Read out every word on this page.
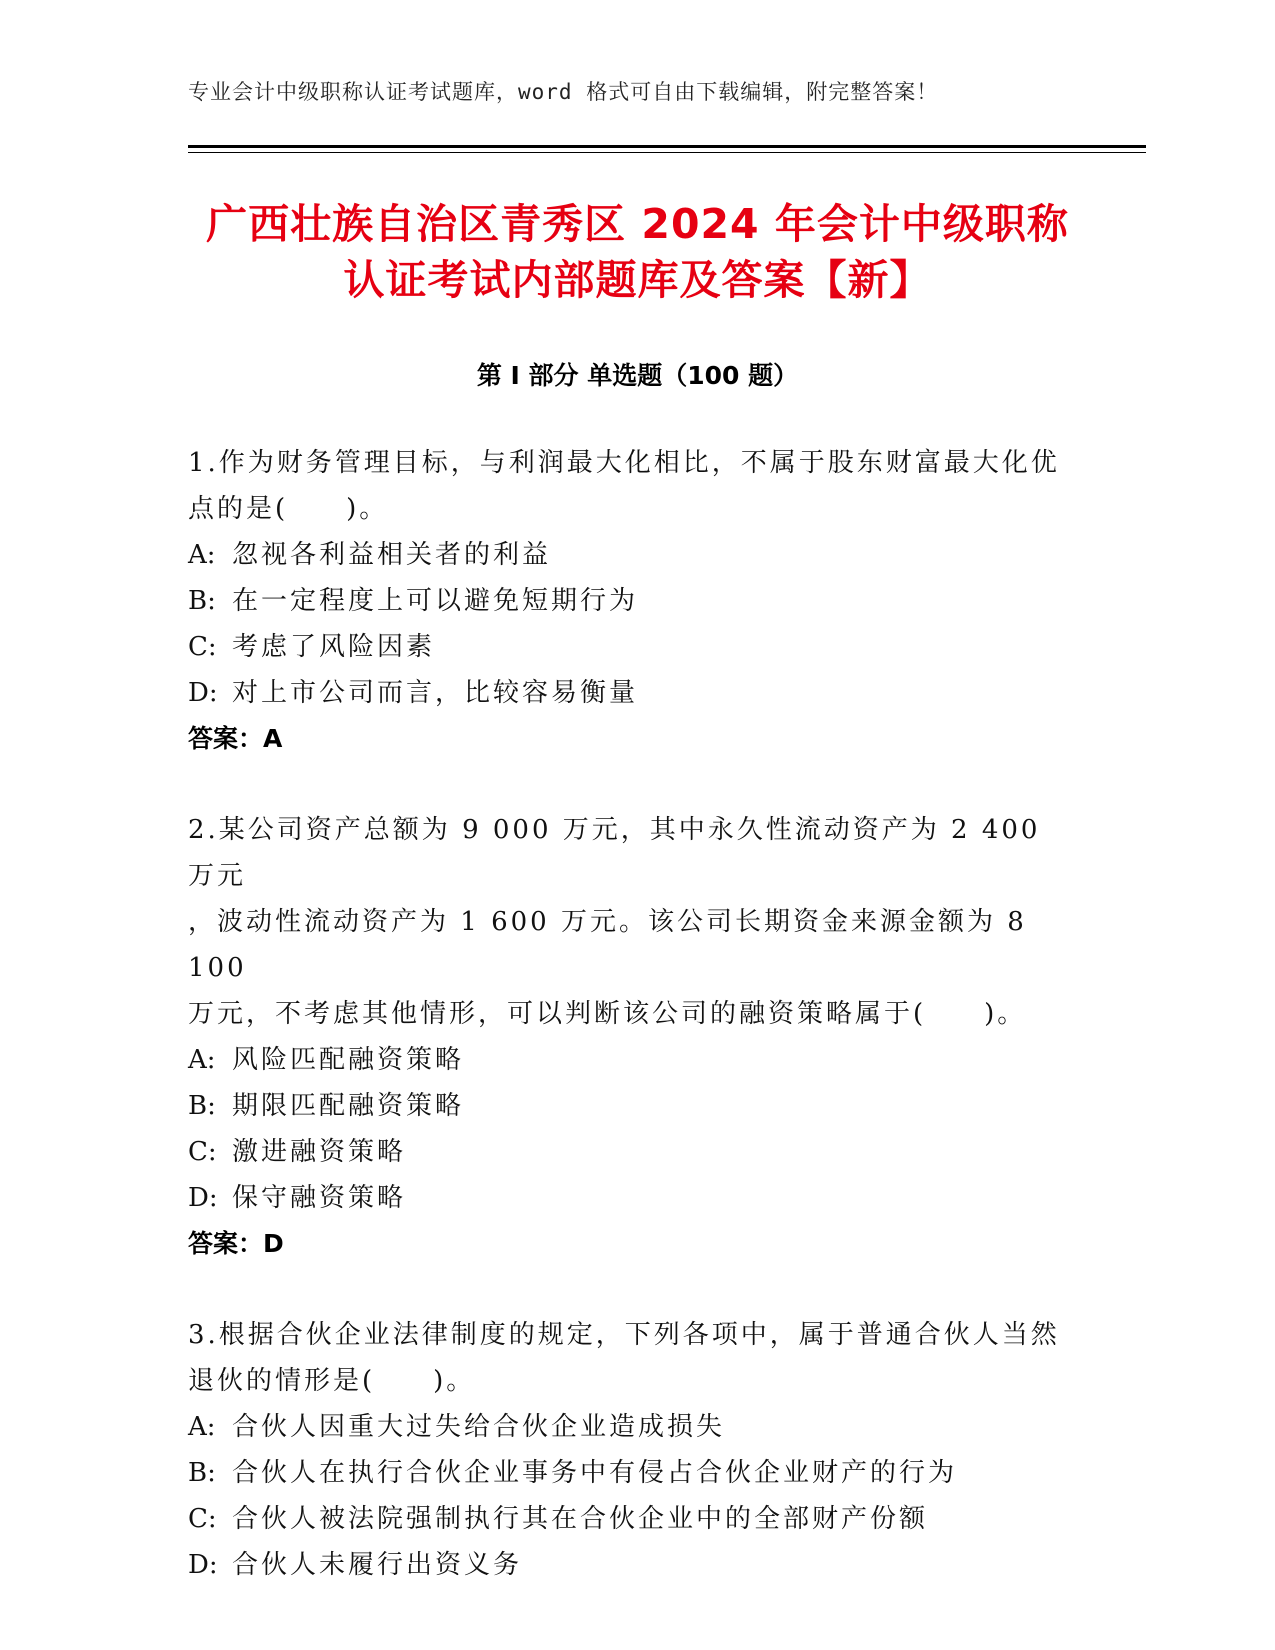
专业会计中级职称认证考试题库，word 格式可自由下载编辑，附完整答案！
广西壮族自治区青秀区 2024 年会计中级职称
认证考试内部题库及答案【新】
第 I 部分 单选题（100 题）
1.作为财务管理目标，与利润最大化相比，不属于股东财富最大化优
点的是(　　)。
A: 忽视各利益相关者的利益
B: 在一定程度上可以避免短期行为
C: 考虑了风险因素
D: 对上市公司而言，比较容易衡量
答案：A
2.某公司资产总额为 9 000 万元，其中永久性流动资产为 2 400 万元
，波动性流动资产为 1 600 万元。该公司长期资金来源金额为 8 100
万元，不考虑其他情形，可以判断该公司的融资策略属于(　　)。
A: 风险匹配融资策略
B: 期限匹配融资策略
C: 激进融资策略
D: 保守融资策略
答案：D
3.根据合伙企业法律制度的规定，下列各项中，属于普通合伙人当然
退伙的情形是(　　)。
A: 合伙人因重大过失给合伙企业造成损失
B: 合伙人在执行合伙企业事务中有侵占合伙企业财产的行为
C: 合伙人被法院强制执行其在合伙企业中的全部财产份额
D: 合伙人未履行出资义务
